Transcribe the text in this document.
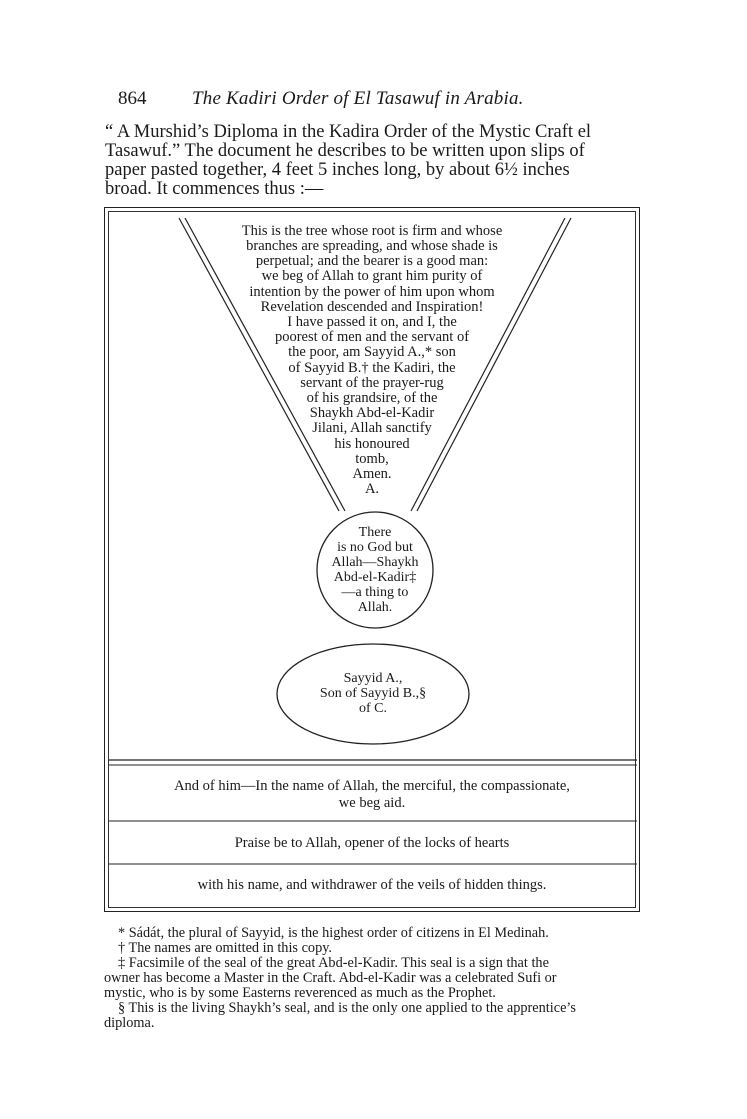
864 The Kadiri Order of El Tasawuf in Arabia.
“ A Murshid’s Diploma in the Kadira Order of the Mystic Craft el
Tasawuf.” The document he describes to be written upon slips of
paper pasted together, 4 feet 5 inches long, by about 6½ inches
broad. It commences thus :—
This is the tree whose root is firm and whose
branches are spreading, and whose shade is
perpetual; and the bearer is a good man:
we beg of Allah to grant him purity of
intention by the power of him upon whom
Revelation descended and Inspiration!
I have passed it on, and I, the
poorest of men and the servant of
the poor, am Sayyid A.,* son
of Sayyid B.† the Kadiri, the
servant of the prayer-rug
of his grandsire, of the
Shaykh Abd-el-Kadir
Jilani, Allah sanctify
his honoured
tomb,
Amen.
A.
There
is no God but
Allah—Shaykh
Abd-el-Kadir‡
—a thing to
Allah.
Sayyid A.,
Son of Sayyid B.,§
of C.
And of him—In the name of Allah, the merciful, the compassionate,
we beg aid.
Praise be to Allah, opener of the locks of hearts
with his name, and withdrawer of the veils of hidden things.
* Sádát, the plural of Sayyid, is the highest order of citizens in El Medinah.
† The names are omitted in this copy.
‡ Facsimile of the seal of the great Abd-el-Kadir. This seal is a sign that the
owner has become a Master in the Craft. Abd-el-Kadir was a celebrated Sufi or
mystic, who is by some Easterns reverenced as much as the Prophet.
§ This is the living Shaykh’s seal, and is the only one applied to the apprentice’s
diploma.
